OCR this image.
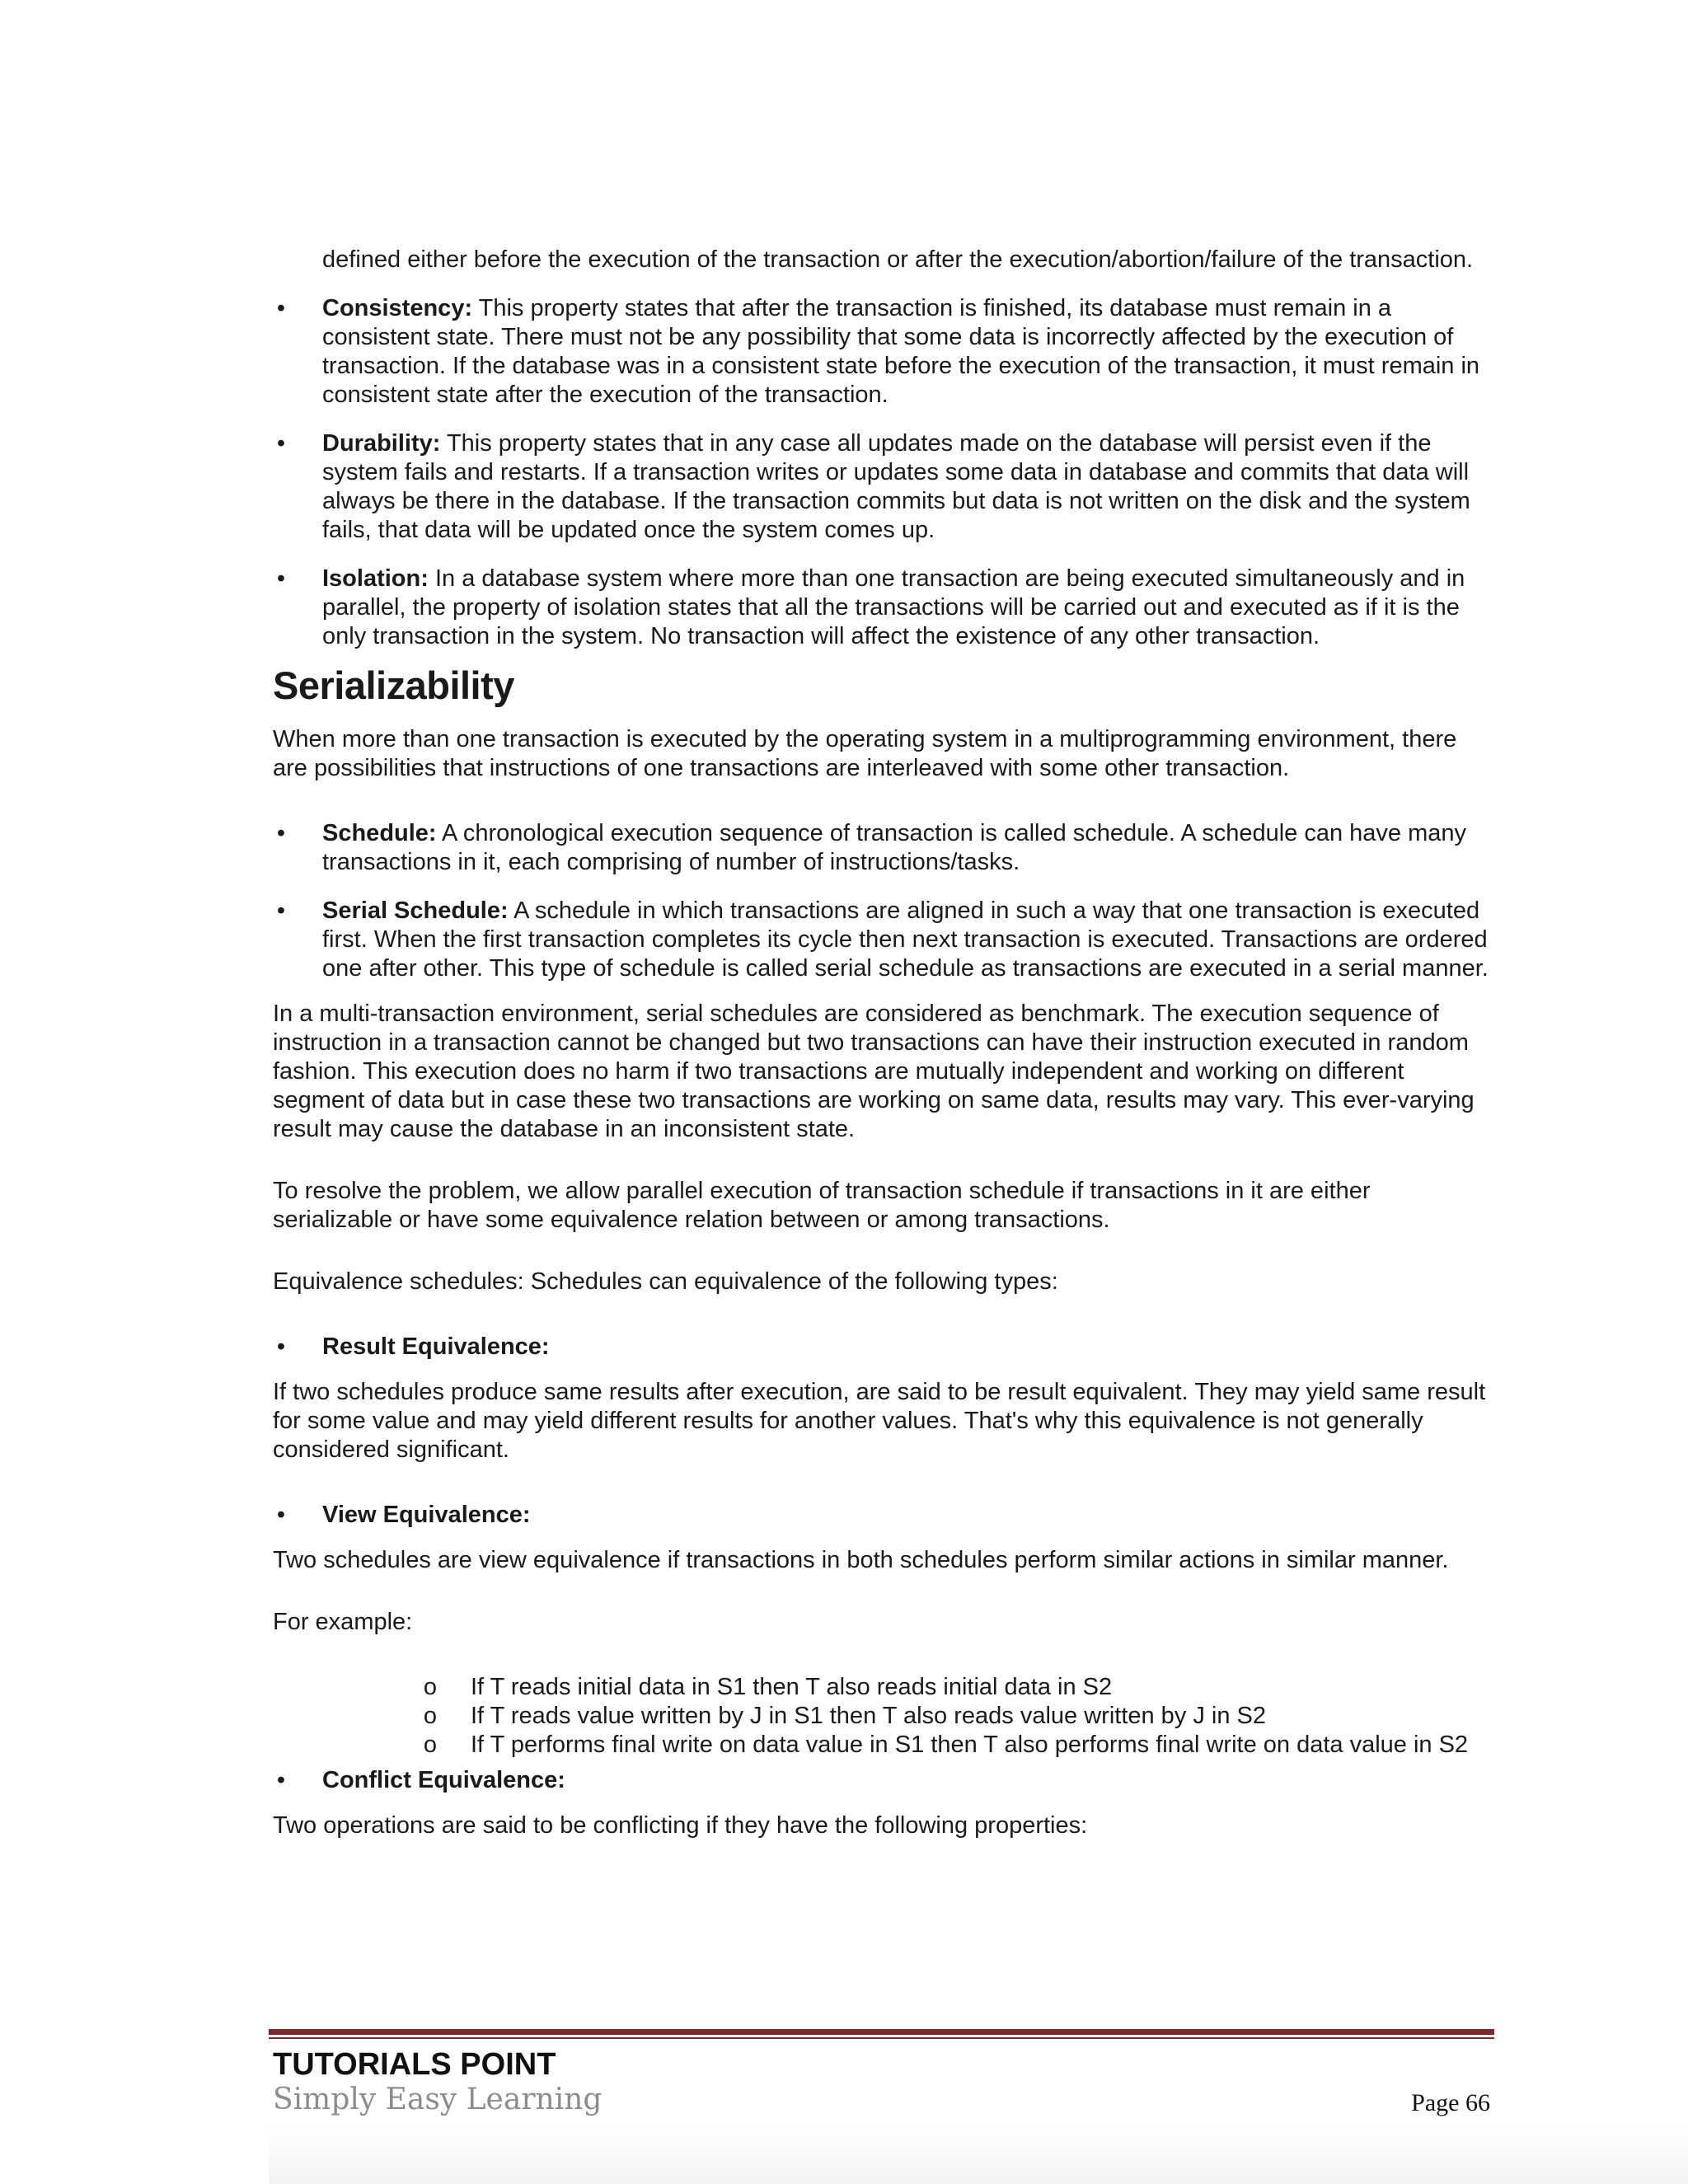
defined either before the execution of the transaction or after the execution/abortion/failure of the transaction.

• Consistency: This property states that after the transaction is finished, its database must remain in a consistent state. There must not be any possibility that some data is incorrectly affected by the execution of transaction. If the database was in a consistent state before the execution of the transaction, it must remain in consistent state after the execution of the transaction.
• Durability: This property states that in any case all updates made on the database will persist even if the system fails and restarts. If a transaction writes or updates some data in database and commits that data will always be there in the database. If the transaction commits but data is not written on the disk and the system fails, that data will be updated once the system comes up.
• Isolation: In a database system where more than one transaction are being executed simultaneously and in parallel, the property of isolation states that all the transactions will be carried out and executed as if it is the only transaction in the system. No transaction will affect the existence of any other transaction.
Serializability

When more than one transaction is executed by the operating system in a multiprogramming environment, there are possibilities that instructions of one transactions are interleaved with some other transaction.

• Schedule: A chronological execution sequence of transaction is called schedule. A schedule can have many transactions in it, each comprising of number of instructions/tasks.
• Serial Schedule: A schedule in which transactions are aligned in such a way that one transaction is executed first. When the first transaction completes its cycle then next transaction is executed. Transactions are ordered one after other. This type of schedule is called serial schedule as transactions are executed in a serial manner.

In a multi-transaction environment, serial schedules are considered as benchmark. The execution sequence of instruction in a transaction cannot be changed but two transactions can have their instruction executed in random fashion. This execution does no harm if two transactions are mutually independent and working on different segment of data but in case these two transactions are working on same data, results may vary. This ever-varying result may cause the database in an inconsistent state.

To resolve the problem, we allow parallel execution of transaction schedule if transactions in it are either serializable or have some equivalence relation between or among transactions.

Equivalence schedules: Schedules can equivalence of the following types:

• Result Equivalence:

If two schedules produce same results after execution, are said to be result equivalent. They may yield same result for some value and may yield different results for another values. That's why this equivalence is not generally considered significant.

• View Equivalence:

Two schedules are view equivalence if transactions in both schedules perform similar actions in similar manner.

For example:

o If T reads initial data in S1 then T also reads initial data in S2
o If T reads value written by J in S1 then T also reads value written by J in S2
o If T performs final write on data value in S1 then T also performs final write on data value in S2
• Conflict Equivalence:

Two operations are said to be conflicting if they have the following properties:

TUTORIALS POINT
Simply Easy Learning	Page 66
